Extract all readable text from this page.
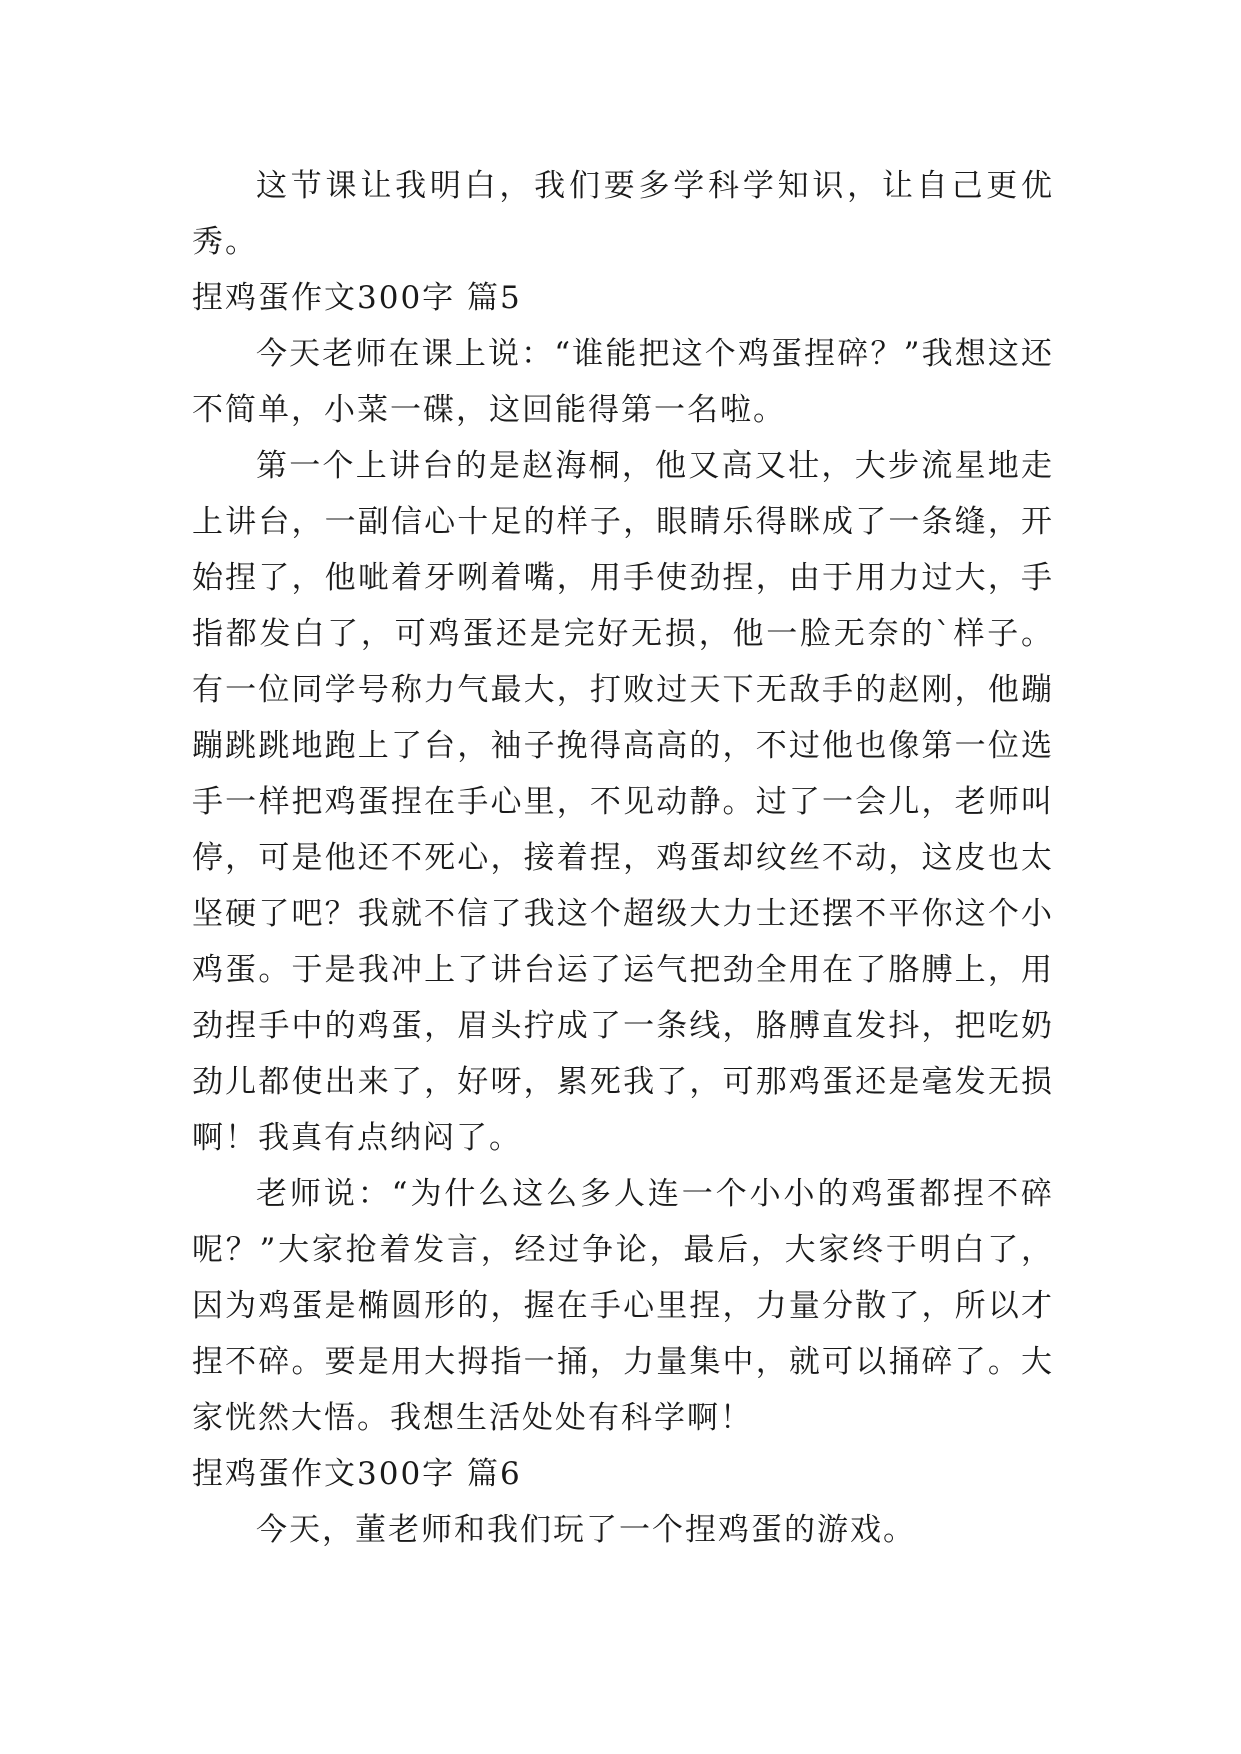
这节课让我明白，我们要多学科学知识，让自己更优秀。

捏鸡蛋作文300字 篇5

今天老师在课上说：“谁能把这个鸡蛋捏碎？”我想这还不简单，小菜一碟，这回能得第一名啦。

第一个上讲台的是赵海桐，他又高又壮，大步流星地走上讲台，一副信心十足的样子，眼睛乐得眯成了一条缝，开始捏了，他呲着牙咧着嘴，用手使劲捏，由于用力过大，手指都发白了，可鸡蛋还是完好无损，他一脸无奈的`样子。有一位同学号称力气最大，打败过天下无敌手的赵刚，他蹦蹦跳跳地跑上了台，袖子挽得高高的，不过他也像第一位选手一样把鸡蛋捏在手心里，不见动静。过了一会儿，老师叫停，可是他还不死心，接着捏，鸡蛋却纹丝不动，这皮也太坚硬了吧？我就不信了我这个超级大力士还摆不平你这个小鸡蛋。于是我冲上了讲台运了运气把劲全用在了胳膊上，用劲捏手中的鸡蛋，眉头拧成了一条线，胳膊直发抖，把吃奶劲儿都使出来了，好呀，累死我了，可那鸡蛋还是毫发无损啊！我真有点纳闷了。

老师说：“为什么这么多人连一个小小的鸡蛋都捏不碎呢？”大家抢着发言，经过争论，最后，大家终于明白了，因为鸡蛋是椭圆形的，握在手心里捏，力量分散了，所以才捏不碎。要是用大拇指一捅，力量集中，就可以捅碎了。大家恍然大悟。我想生活处处有科学啊！

捏鸡蛋作文300字 篇6

今天，董老师和我们玩了一个捏鸡蛋的游戏。
